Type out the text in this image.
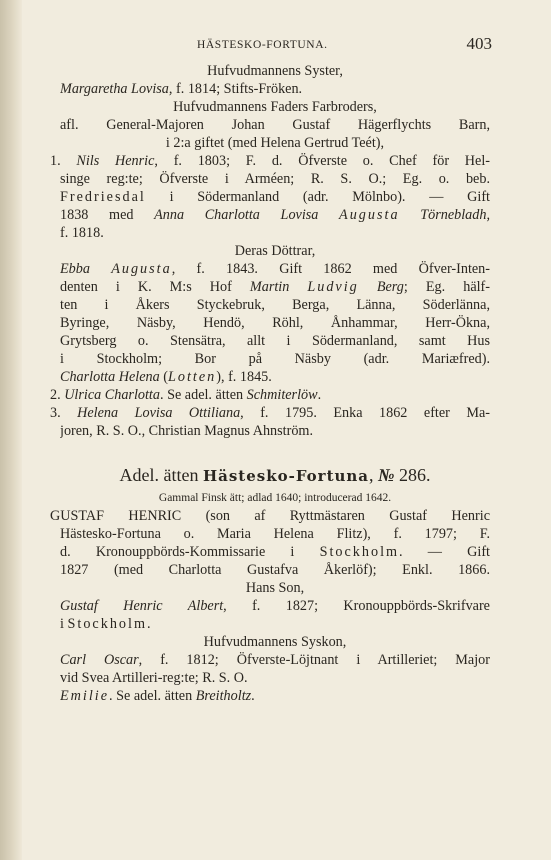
HÄSTESKO-FORTUNA.	403
Hufvudmannens Syster,
Margaretha Lovisa, f. 1814; Stifts-Fröken.
Hufvudmannens Faders Farbroders,
afl. General-Majoren Johan Gustaf Hägerflychts Barn,
i 2:a giftet (med Helena Gertrud Teét),
1. Nils Henric, f. 1803; F. d. Öfverste o. Chef för Hel-
singe reg:te; Öfverste i Arméen; R. S. O.; Eg. o. beb.
Fredriesdal i Södermanland (adr. Mölnbo). — Gift
1838 med Anna Charlotta Lovisa Augusta Törnebladh,
f. 1818.
Deras Döttrar,
Ebba Augusta, f. 1843. Gift 1862 med Öfver-Inten-
denten i K. M:s Hof Martin Ludvig Berg; Eg. hälf-
ten i Åkers Styckebruk, Berga, Länna, Söderlänna,
Byringe, Näsby, Hendö, Röhl, Ånhammar, Herr-Ökna,
Grytsberg o. Stensätra, allt i Södermanland, samt Hus
i Stockholm; Bor på Näsby (adr. Mariæfred).
Charlotta Helena (Lotten), f. 1845.
2. Ulrica Charlotta. Se adel. ätten Schmiterlöw.
3. Helena Lovisa Ottiliana, f. 1795. Enka 1862 efter Ma-
joren, R. S. O., Christian Magnus Ahnström.
Adel. ätten Hästesko-Fortuna, № 286.
Gammal Finsk ätt; adlad 1640; introducerad 1642.
GUSTAF HENRIC (son af Ryttmästaren Gustaf Henric
Hästesko-Fortuna o. Maria Helena Flitz), f. 1797; F.
d. Kronouppbörds-Kommissarie i Stockholm. — Gift
1827 (med Charlotta Gustafva Åkerlöf); Enkl. 1866.
Hans Son,
Gustaf Henric Albert, f. 1827; Kronouppbörds-Skrifvare
i Stockholm.
Hufvudmannens Syskon,
Carl Oscar, f. 1812; Öfverste-Löjtnant i Artilleriet; Major
vid Svea Artilleri-reg:te; R. S. O.
Emilie. Se adel. ätten Breitholtz.
